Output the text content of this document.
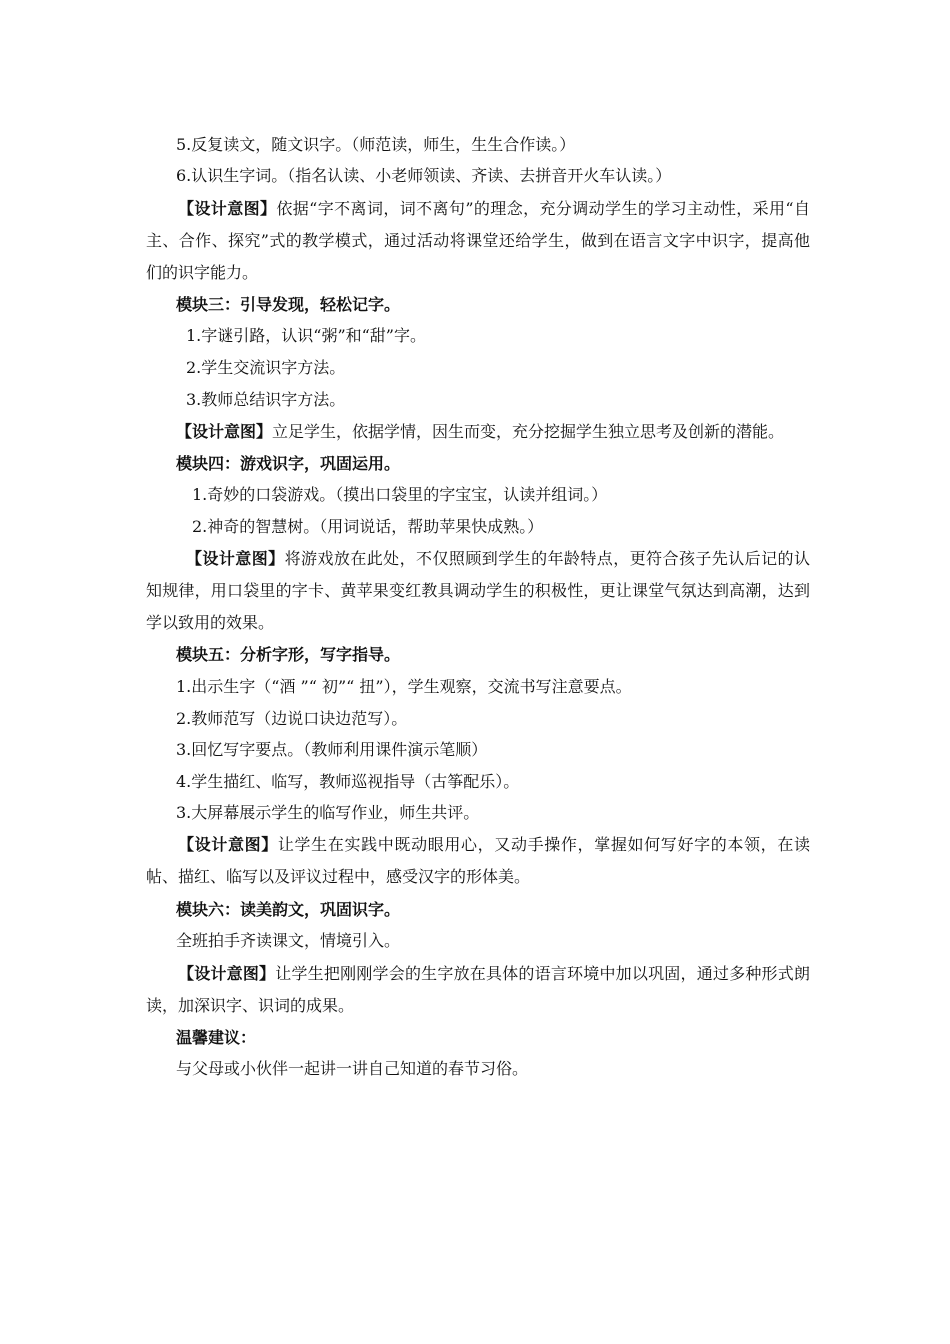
5.反复读文，随文识字。（师范读，师生，生生合作读。）
6.认识生字词。（指名认读、小老师领读、齐读、去拼音开火车认读。）
【设计意图】依据“字不离词，词不离句”的理念，充分调动学生的学习主动性，采用“自主、合作、探究”式的教学模式，通过活动将课堂还给学生，做到在语言文字中识字，提高他们的识字能力。
模块三：引导发现，轻松记字。
1.字谜引路，认识“粥”和“甜”字。
2.学生交流识字方法。
3.教师总结识字方法。
【设计意图】立足学生，依据学情，因生而变，充分挖掘学生独立思考及创新的潜能。
模块四：游戏识字，巩固运用。
1.奇妙的口袋游戏。（摸出口袋里的字宝宝，认读并组词。）
2.神奇的智慧树。（用词说话，帮助苹果快成熟。）
【设计意图】将游戏放在此处，不仅照顾到学生的年龄特点，更符合孩子先认后记的认知规律，用口袋里的字卡、黄苹果变红教具调动学生的积极性，更让课堂气氛达到高潮，达到学以致用的效果。
模块五：分析字形，写字指导。
1.出示生字（“酒 ”“ 初”“ 扭”），学生观察，交流书写注意要点。
2.教师范写（边说口诀边范写）。
3.回忆写字要点。（教师利用课件演示笔顺）
4.学生描红、临写，教师巡视指导（古筝配乐）。
3.大屏幕展示学生的临写作业，师生共评。
【设计意图】让学生在实践中既动眼用心，又动手操作，掌握如何写好字的本领，在读帖、描红、临写以及评议过程中，感受汉字的形体美。
模块六：读美韵文，巩固识字。
全班拍手齐读课文，情境引入。
【设计意图】让学生把刚刚学会的生字放在具体的语言环境中加以巩固，通过多种形式朗读，加深识字、识词的成果。
温馨建议：
与父母或小伙伴一起讲一讲自己知道的春节习俗。
